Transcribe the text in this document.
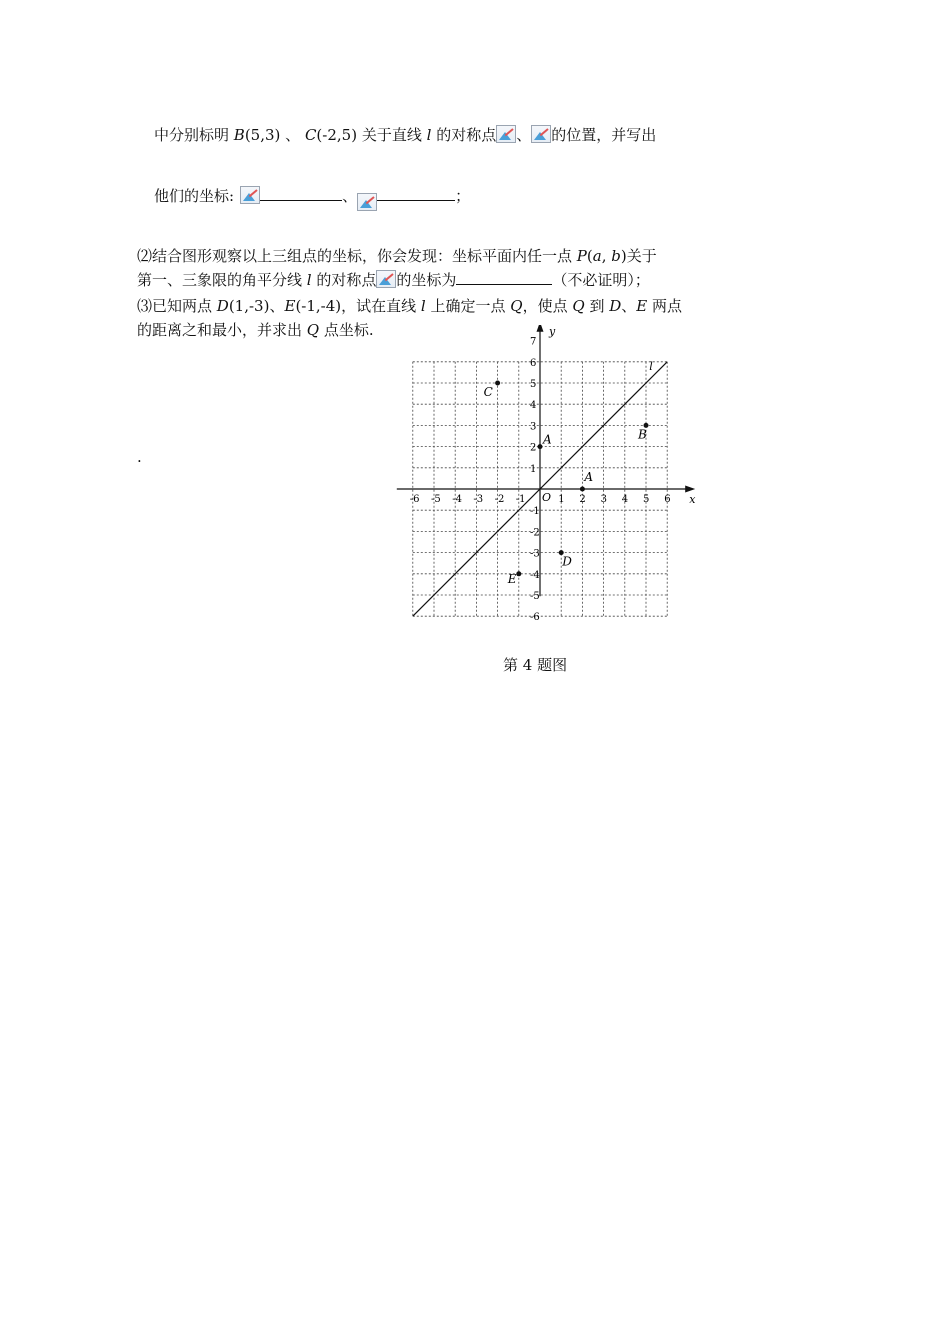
中分别标明 B(5,3) 、 C(-2,5) 关于直线 l 的对称点 、 的位置，并写出
他们的坐标:	、	；
⑵结合图形观察以上三组点的坐标，你会发现：坐标平面内任一点 P(a, b)关于
第一、三象限的角平分线 l 的对称点 的坐标为	（不必证明）；
⑶已知两点 D(1,-3)、E(-1,-4)，试在直线 l 上确定一点 Q，使点 Q 到 D、E 两点
的距离之和最小，并求出 Q 点坐标.
.
x
y
O
-6 -5 -4 -3 -2 -1	1 2 3 4 5 6
-6
-5
-4
-3
-2
-1
1
2
3
4
5
6
7
l
A
A
B
C
D
E
第 4 题图
